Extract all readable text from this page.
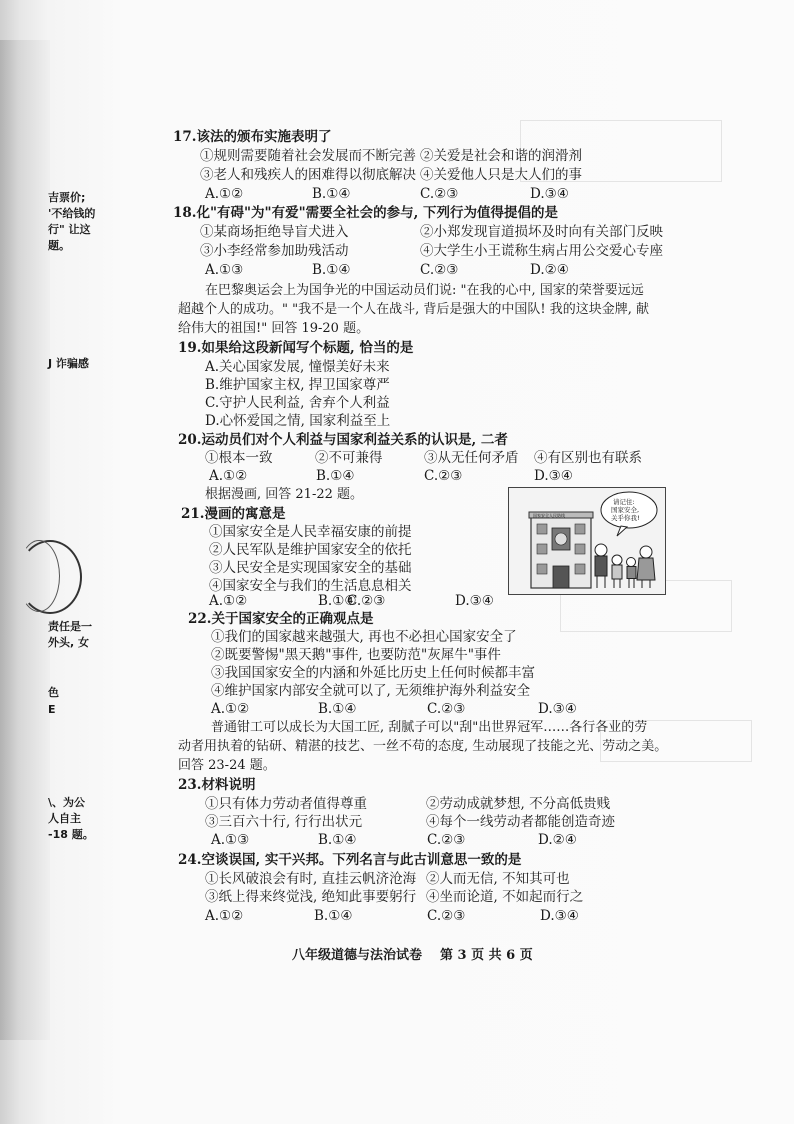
吉票价;
'不给钱的
行" 让这
题。
J 诈骗感
责任是一
外头, 女
色
E
\、为公
人自主
-18 题。
17.该法的颁布实施表明了
①规则需要随着社会发展而不断完善 ②关爱是社会和谐的润滑剂
③老人和残疾人的困难得以彻底解决 ④关爱他人只是大人们的事
A.①②	B.①④	C.②③	D.③④
18.化"有碍"为"有爱"需要全社会的参与, 下列行为值得提倡的是
①某商场拒绝导盲犬进入	②小郑发现盲道损坏及时向有关部门反映
③小李经常参加助残活动	④大学生小王谎称生病占用公交爱心专座
A.①③	B.①④	C.②③	D.②④
在巴黎奥运会上为国争光的中国运动员们说: "在我的心中, 国家的荣誉要远远
超越个人的成功。" "我不是一个人在战斗, 背后是强大的中国队! 我的这块金牌, 献
给伟大的祖国!" 回答 19-20 题。
19.如果给这段新闻写个标题, 恰当的是
A.关心国家发展, 憧憬美好未来
B.维护国家主权, 捍卫国家尊严
C.守护人民利益, 舍弃个人利益
D.心怀爱国之情, 国家利益至上
20.运动员们对个人利益与国家利益关系的认识是, 二者
①根本一致	②不可兼得	③从无任何矛盾 ④有区别也有联系
A.①②	B.①④	C.②③	D.③④
根据漫画, 回答 21-22 题。
21.漫画的寓意是
①国家安全是人民幸福安康的前提
②人民军队是维护国家安全的依托
③人民安全是实现国家安全的基础
④国家安全与我们的生活息息相关
A.①②	B.①④
C.②③	D.③④
请记住:
国家安全,
关乎你我!
国家安全人民防线
22.关于国家安全的正确观点是
①我们的国家越来越强大, 再也不必担心国家安全了
②既要警惕"黑天鹅"事件, 也要防范"灰犀牛"事件
③我国国家安全的内涵和外延比历史上任何时候都丰富
④维护国家内部安全就可以了, 无须维护海外利益安全
A.①②	B.①④	C.②③	D.③④
普通钳工可以成长为大国工匠, 刮腻子可以"刮"出世界冠军……各行各业的劳
动者用执着的钻研、精湛的技艺、一丝不苟的态度, 生动展现了技能之光、劳动之美。
回答 23-24 题。
23.材料说明
①只有体力劳动者值得尊重	②劳动成就梦想, 不分高低贵贱
③三百六十行, 行行出状元	④每个一线劳动者都能创造奇迹
A.①③	B.①④	C.②③	D.②④
24.空谈误国, 实干兴邦。下列名言与此古训意思一致的是
①长风破浪会有时, 直挂云帆济沧海 ②人而无信, 不知其可也
③纸上得来终觉浅, 绝知此事要躬行 ④坐而论道, 不如起而行之
A.①②	B.①④	C.②③	D.③④
八年级道德与法治试卷 第 3 页 共 6 页
